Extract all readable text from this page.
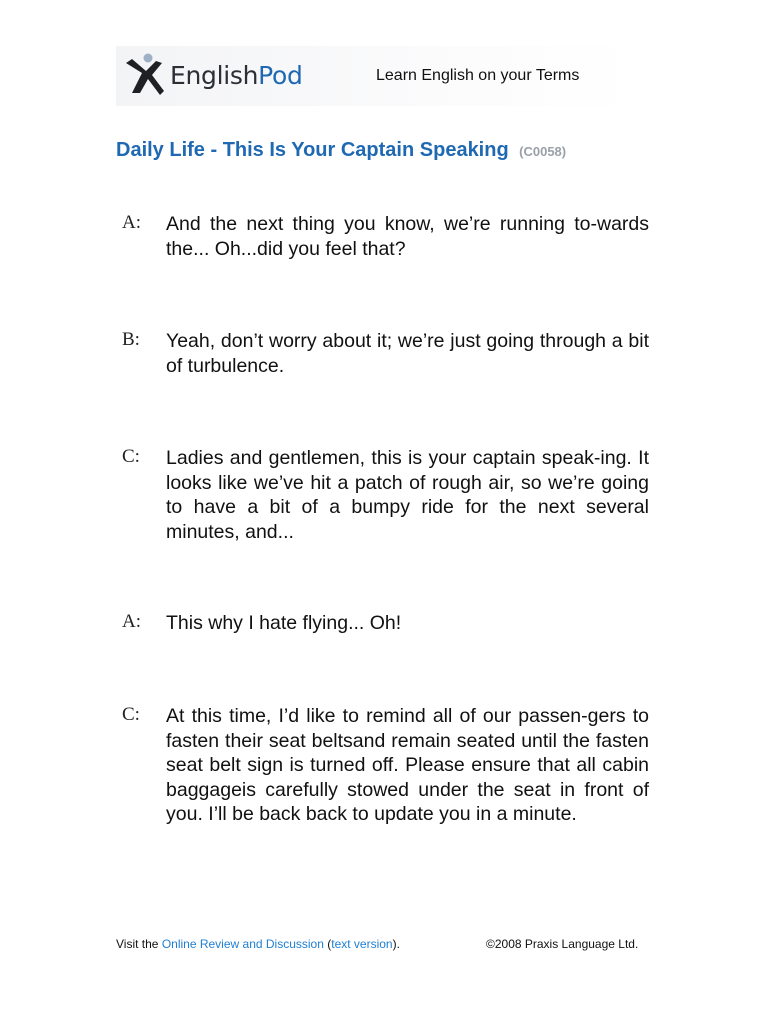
EnglishPod	Learn English on your Terms
Daily Life - This Is Your Captain Speaking (C0058)
A: And the next thing you know, we’re running to-wards the... Oh...did you feel that?
B: Yeah, don’t worry about it; we’re just going through a bit of turbulence.
C: Ladies and gentlemen, this is your captain speak-ing. It looks like we’ve hit a patch of rough air, so we’re going to have a bit of a bumpy ride for the next several minutes, and...
A: This why I hate flying... Oh!
C: At this time, I’d like to remind all of our passen-gers to fasten their seat beltsand remain seated until the fasten seat belt sign is turned off. Please ensure that all cabin baggageis carefully stowed under the seat in front of you. I’ll be back back to update you in a minute.
Visit the Online Review and Discussion (text version).	©2008 Praxis Language Ltd.
